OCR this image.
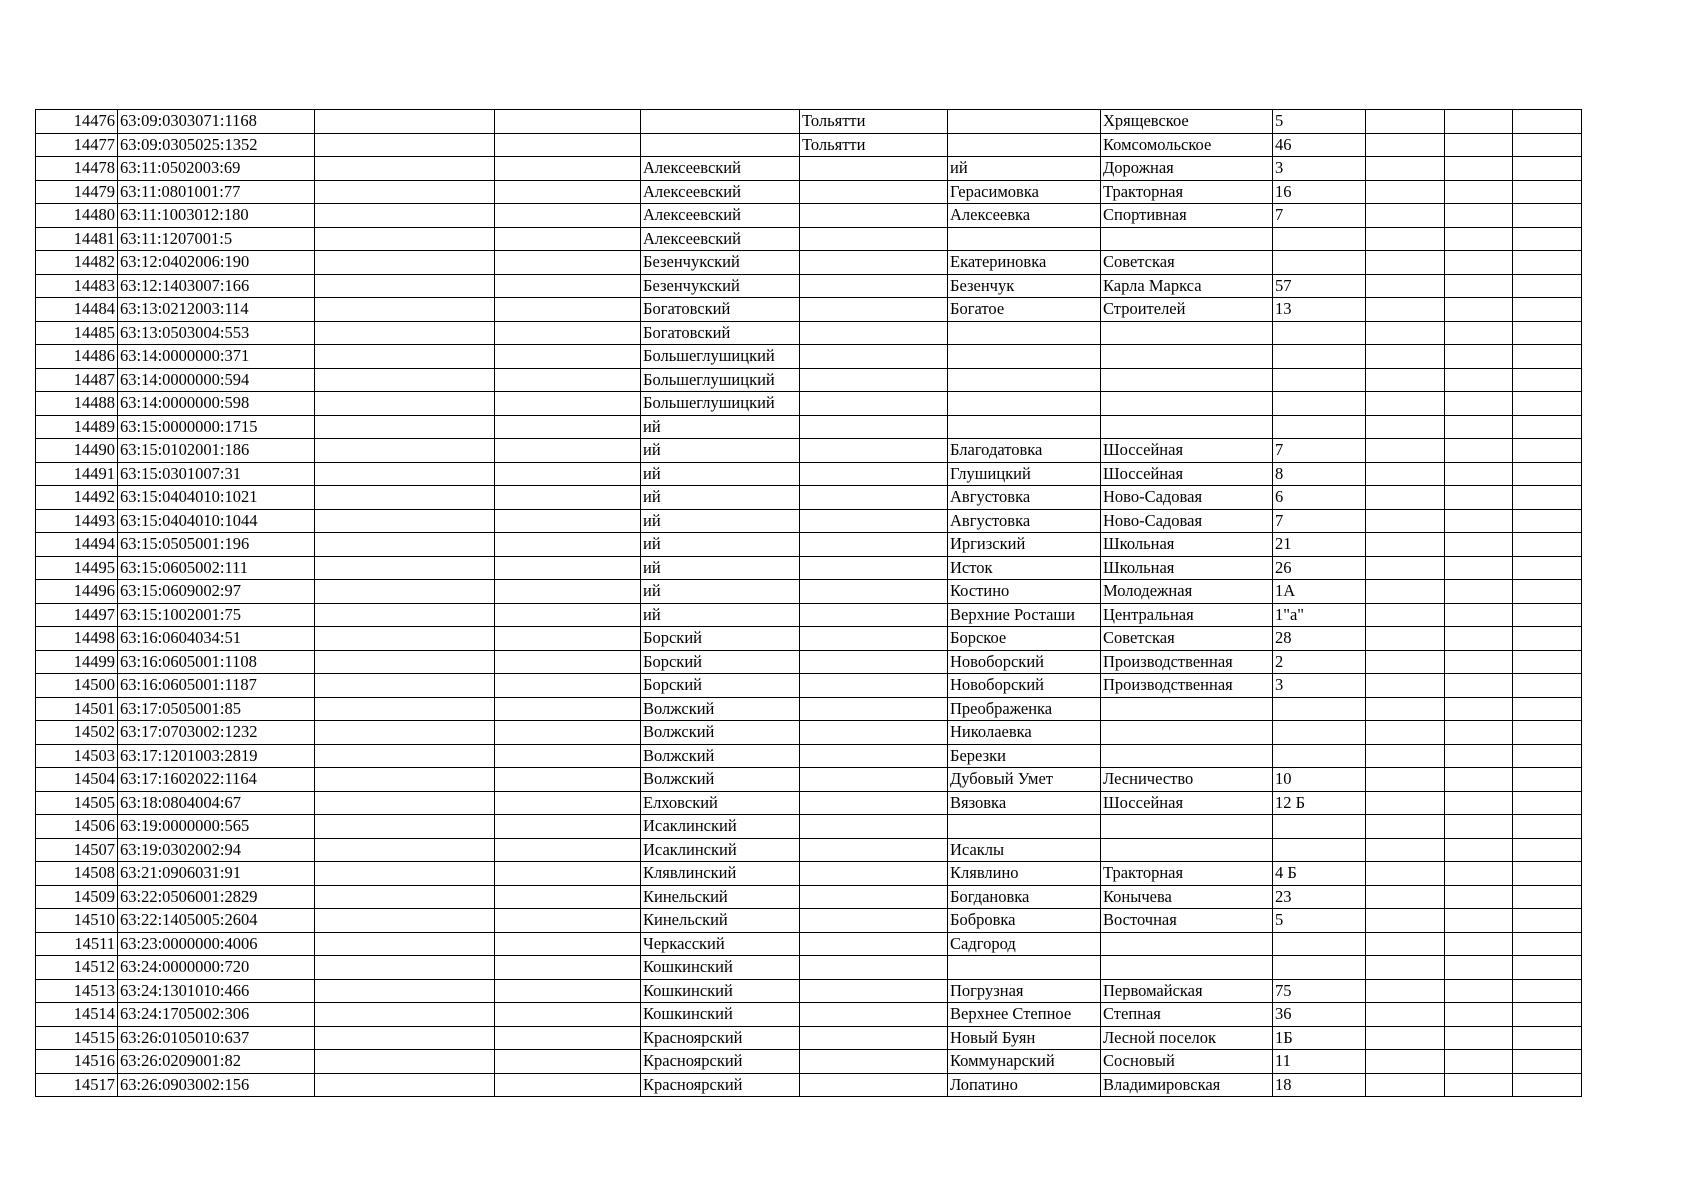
14476	63:09:0303071:1168				Тольятти		Хрящевское	5			
14477	63:09:0305025:1352				Тольятти		Комсомольское	46			
14478	63:11:0502003:69			Алексеевский		ий	Дорожная	3			
14479	63:11:0801001:77			Алексеевский		Герасимовка	Тракторная	16			
14480	63:11:1003012:180			Алексеевский		Алексеевка	Спортивная	7			
14481	63:11:1207001:5			Алексеевский							
14482	63:12:0402006:190			Безенчукский		Екатериновка	Советская				
14483	63:12:1403007:166			Безенчукский		Безенчук	Карла Маркса	57			
14484	63:13:0212003:114			Богатовский		Богатое	Строителей	13			
14485	63:13:0503004:553			Богатовский							
14486	63:14:0000000:371			Большеглушицкий							
14487	63:14:0000000:594			Большеглушицкий							
14488	63:14:0000000:598			Большеглушицкий							
14489	63:15:0000000:1715			ий							
14490	63:15:0102001:186			ий		Благодатовка	Шоссейная	7			
14491	63:15:0301007:31			ий		Глушицкий	Шоссейная	8			
14492	63:15:0404010:1021			ий		Августовка	Ново-Садовая	6			
14493	63:15:0404010:1044			ий		Августовка	Ново-Садовая	7			
14494	63:15:0505001:196			ий		Иргизский	Школьная	21			
14495	63:15:0605002:111			ий		Исток	Школьная	26			
14496	63:15:0609002:97			ий		Костино	Молодежная	1А			
14497	63:15:1002001:75			ий		Верхние Росташи	Центральная	1"а"			
14498	63:16:0604034:51			Борский		Борское	Советская	28			
14499	63:16:0605001:1108			Борский		Новоборский	Производственная	2			
14500	63:16:0605001:1187			Борский		Новоборский	Производственная	3			
14501	63:17:0505001:85			Волжский		Преображенка					
14502	63:17:0703002:1232			Волжский		Николаевка					
14503	63:17:1201003:2819			Волжский		Березки					
14504	63:17:1602022:1164			Волжский		Дубовый Умет	Лесничество	10			
14505	63:18:0804004:67			Елховский		Вязовка	Шоссейная	12 Б			
14506	63:19:0000000:565			Исаклинский							
14507	63:19:0302002:94			Исаклинский		Исаклы					
14508	63:21:0906031:91			Клявлинский		Клявлино	Тракторная	4 Б			
14509	63:22:0506001:2829			Кинельский		Богдановка	Конычева	23			
14510	63:22:1405005:2604			Кинельский		Бобровка	Восточная	5			
14511	63:23:0000000:4006			Черкасский		Садгород					
14512	63:24:0000000:720			Кошкинский							
14513	63:24:1301010:466			Кошкинский		Погрузная	Первомайская	75			
14514	63:24:1705002:306			Кошкинский		Верхнее Степное	Степная	36			
14515	63:26:0105010:637			Красноярский		Новый Буян	Лесной поселок	1Б			
14516	63:26:0209001:82			Красноярский		Коммунарский	Сосновый	11			
14517	63:26:0903002:156			Красноярский		Лопатино	Владимировская	18			
